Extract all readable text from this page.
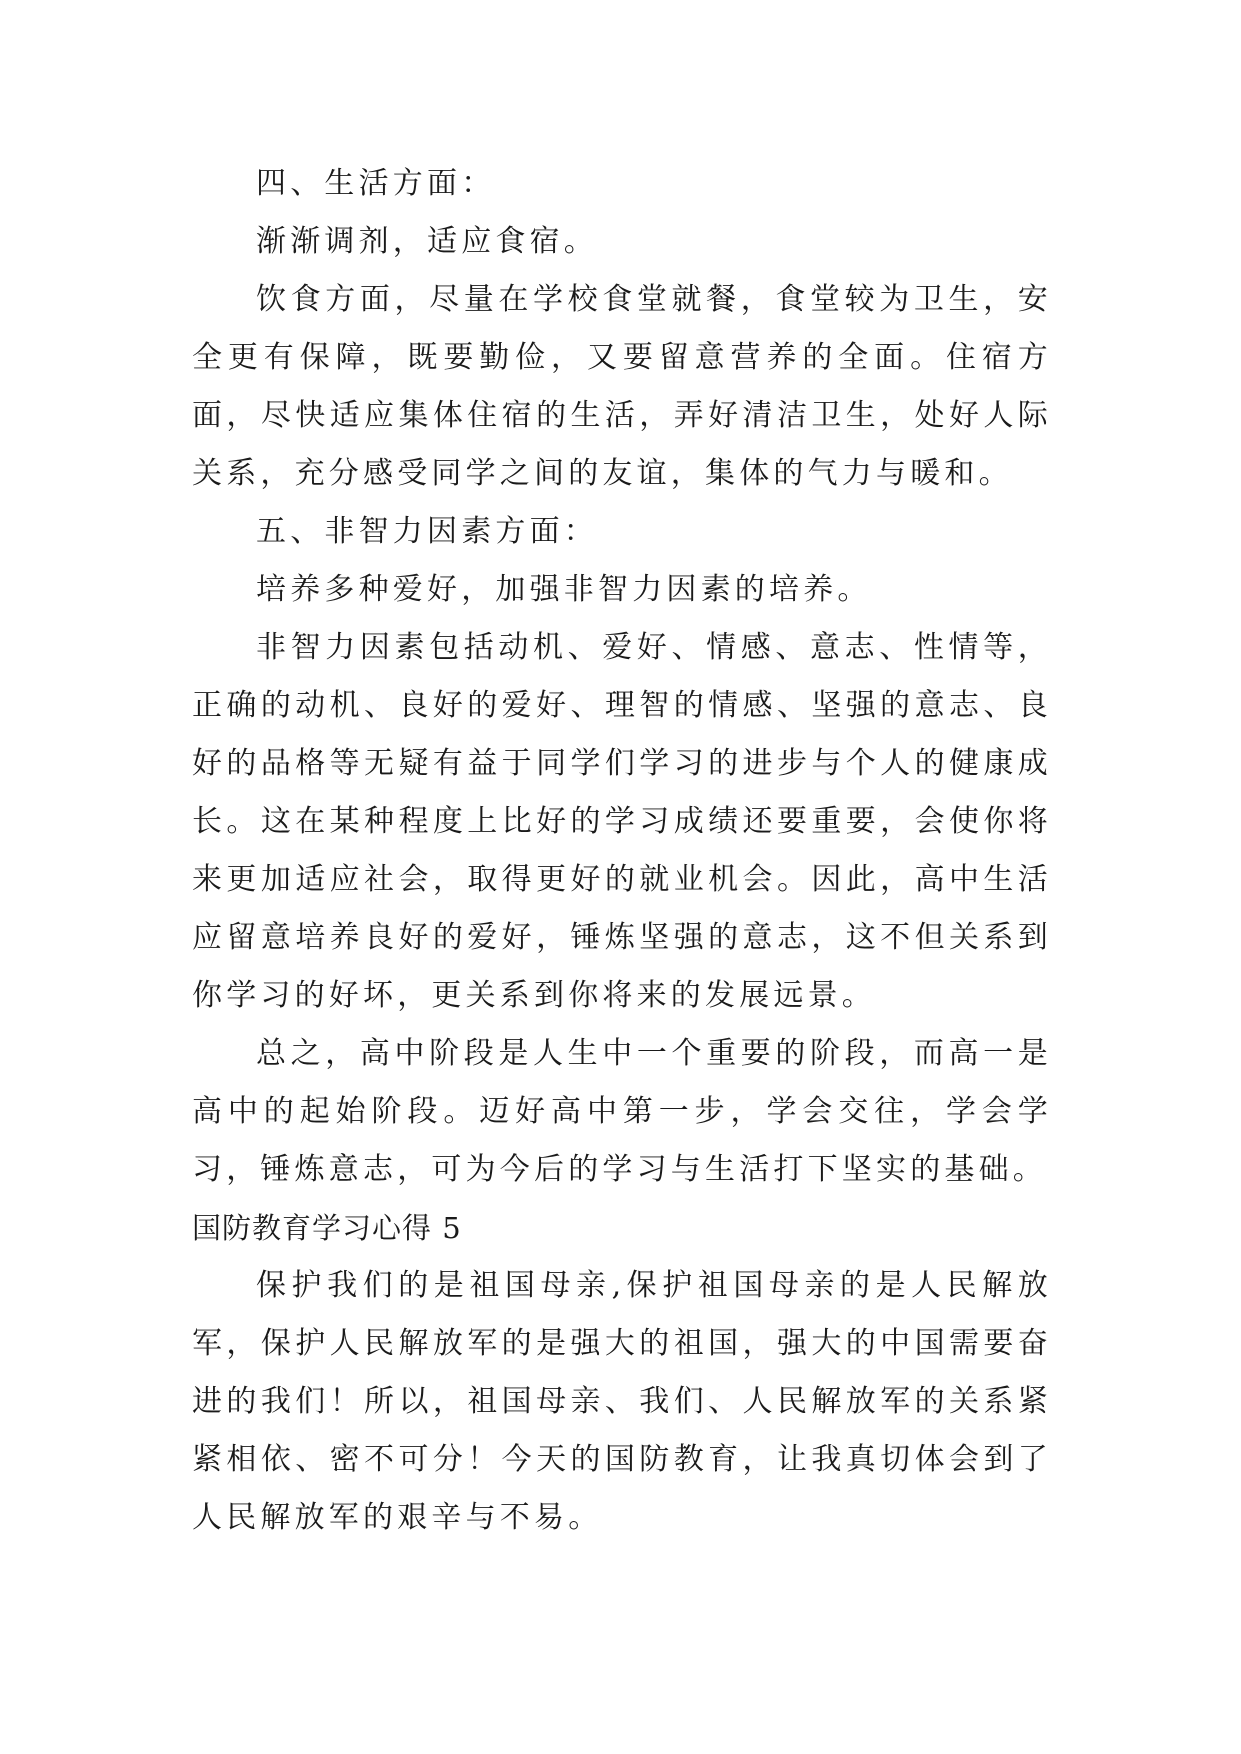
四、生活方面：

渐渐调剂，适应食宿。

饮食方面，尽量在学校食堂就餐，食堂较为卫生，安全更有保障，既要勤俭，又要留意营养的全面。住宿方面，尽快适应集体住宿的生活，弄好清洁卫生，处好人际关系，充分感受同学之间的友谊，集体的气力与暖和。

五、非智力因素方面：

培养多种爱好，加强非智力因素的培养。

非智力因素包括动机、爱好、情感、意志、性情等，正确的动机、良好的爱好、理智的情感、坚强的意志、良好的品格等无疑有益于同学们学习的进步与个人的健康成长。这在某种程度上比好的学习成绩还要重要，会使你将来更加适应社会，取得更好的就业机会。因此，高中生活应留意培养良好的爱好，锤炼坚强的意志，这不但关系到你学习的好坏，更关系到你将来的发展远景。

总之，高中阶段是人生中一个重要的阶段，而高一是高中的起始阶段。迈好高中第一步，学会交往，学会学习，锤炼意志，可为今后的学习与生活打下坚实的基础。

国防教育学习心得 5

保护我们的是祖国母亲,保护祖国母亲的是人民解放军，保护人民解放军的是强大的祖国，强大的中国需要奋进的我们！所以，祖国母亲、我们、人民解放军的关系紧紧相依、密不可分！今天的国防教育，让我真切体会到了人民解放军的艰辛与不易。
